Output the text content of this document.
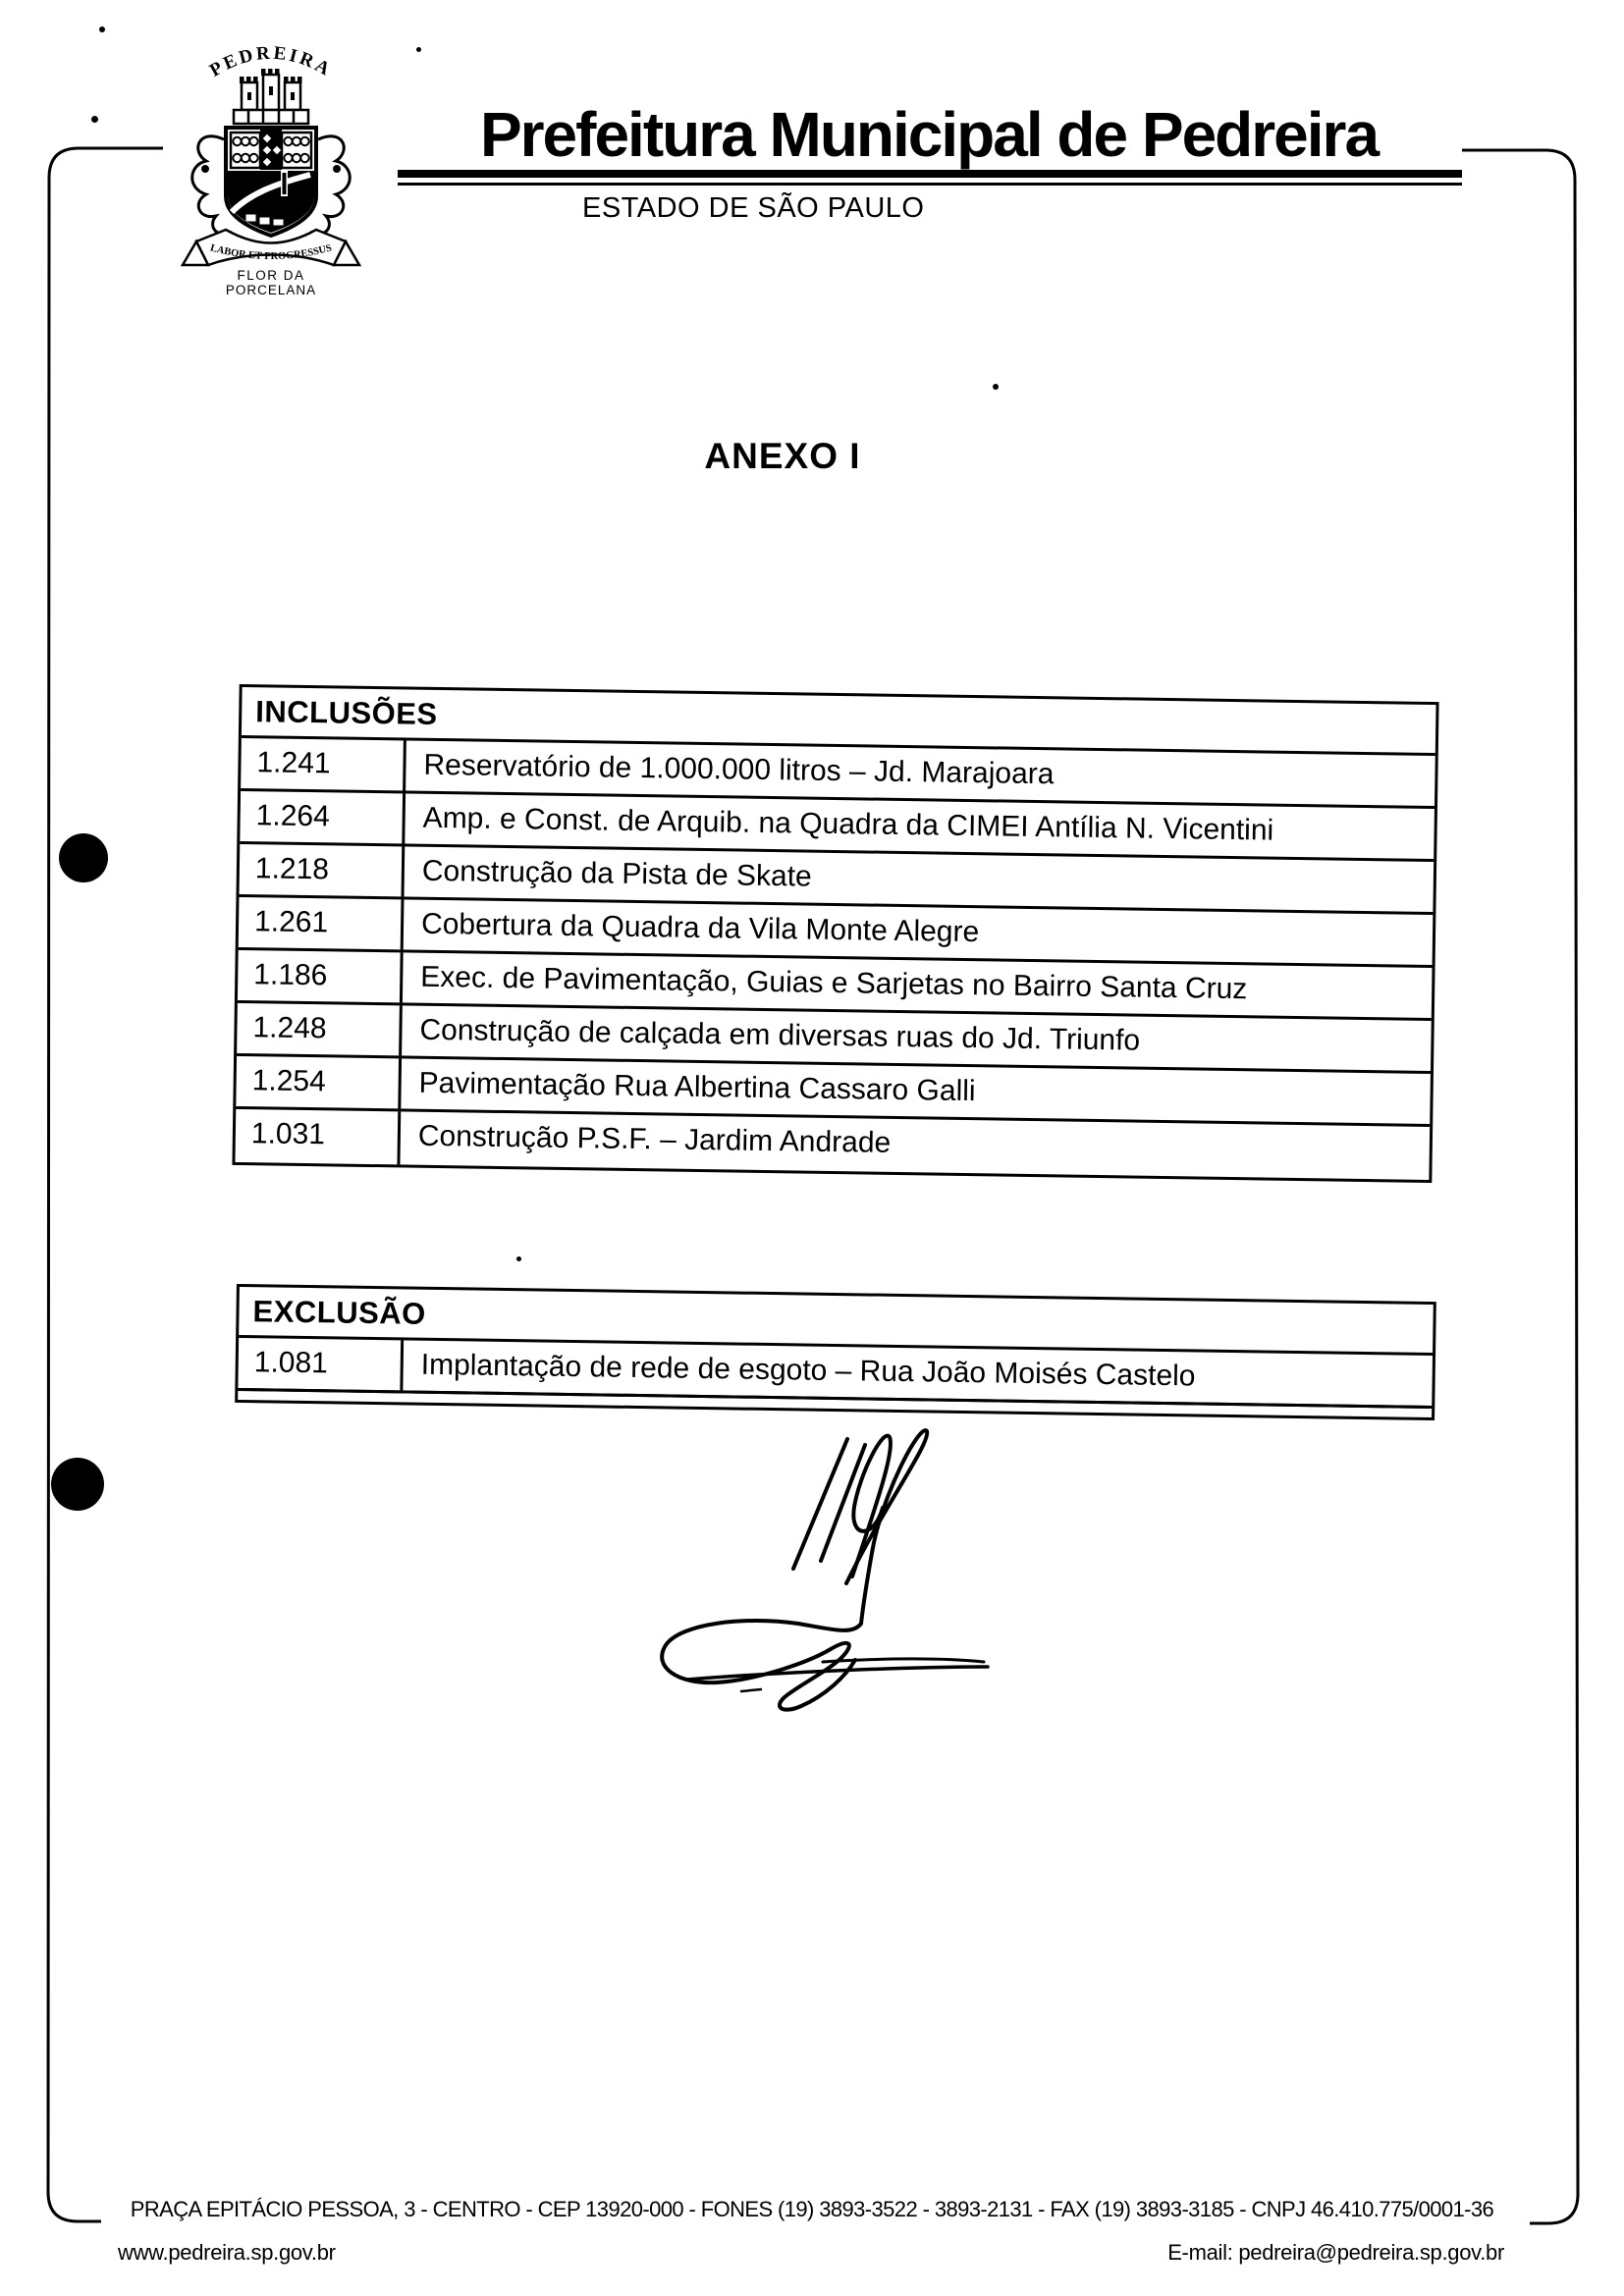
PEDREIRA
LABOR ET PROGRESSUS
FLOR DA
PORCELANA
Prefeitura Municipal de Pedreira
ESTADO DE SÃO PAULO
ANEXO I
INCLUSÕES
1.241	Reservatório de 1.000.000 litros – Jd. Marajoara
1.264	Amp. e Const. de Arquib. na Quadra da CIMEI Antília N. Vicentini
1.218	Construção da Pista de Skate
1.261	Cobertura da Quadra da Vila Monte Alegre
1.186	Exec. de Pavimentação, Guias e Sarjetas no Bairro Santa Cruz
1.248	Construção de calçada em diversas ruas do Jd. Triunfo
1.254	Pavimentação Rua Albertina Cassaro Galli
1.031	Construção P.S.F. – Jardim Andrade
EXCLUSÃO
1.081	Implantação de rede de esgoto – Rua João Moisés Castelo
PRAÇA EPITÁCIO PESSOA, 3 - CENTRO - CEP 13920-000 - FONES (19) 3893-3522 - 3893-2131 - FAX (19) 3893-3185 - CNPJ 46.410.775/0001-36
www.pedreira.sp.gov.br	E-mail: pedreira@pedreira.sp.gov.br
